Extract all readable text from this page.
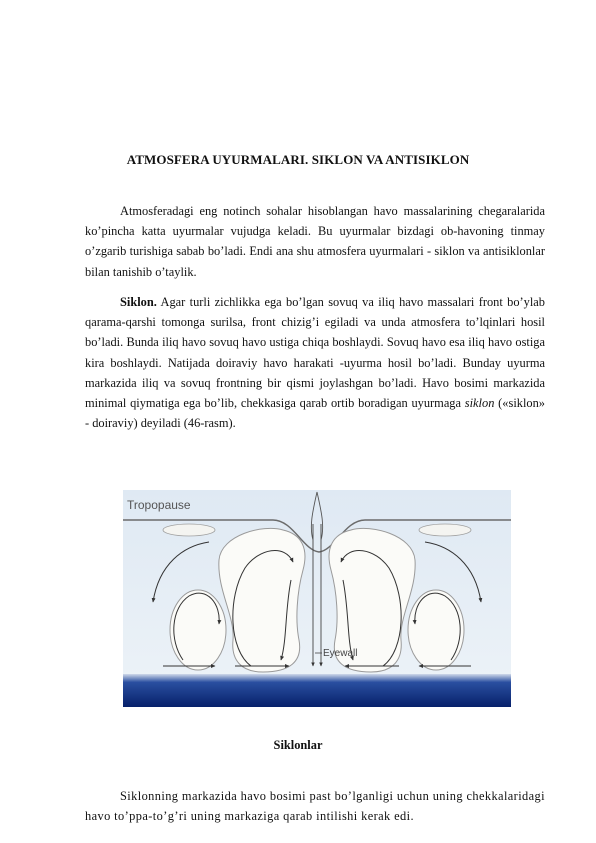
ATMOSFERA UYURMALARI. SIKLON VA ANTISIKLON

Atmosferadagi eng notinch sohalar hisoblangan havo massalarining chegaralarida ko’pincha katta uyurmalar vujudga keladi. Bu uyurmalar bizdagi ob-havoning tinmay o’zgarib turishiga sabab bo’ladi. Endi ana shu atmosfera uyurmalari - siklon va antisiklonlar bilan tanishib o’taylik.

Siklon. Agar turli zichlikka ega bo’lgan sovuq va iliq havo massalari front bo’ylab qarama-qarshi tomonga surilsa, front chizig’i egiladi va unda atmosfera to’lqinlari hosil bo’ladi. Bunda iliq havo sovuq havo ustiga chiqa boshlaydi. Sovuq havo esa iliq havo ostiga kira boshlaydi. Natijada doiraviy havo harakati -uyurma hosil bo’ladi. Bunday uyurma markazida iliq va sovuq frontning bir qismi joylashgan bo’ladi. Havo bosimi markazida minimal qiymatiga ega bo’lib, chekkasiga qarab ortib boradigan uyurmaga siklon («siklon» - doiraviy) deyiladi (46-rasm).

Tropopause
Eyewall
Siklonlar

Siklonning markazida havo bosimi past bo’lganligi uchun uning chekkalaridagi havo to’ppa-to’g’ri uning markaziga qarab intilishi kerak edi.
